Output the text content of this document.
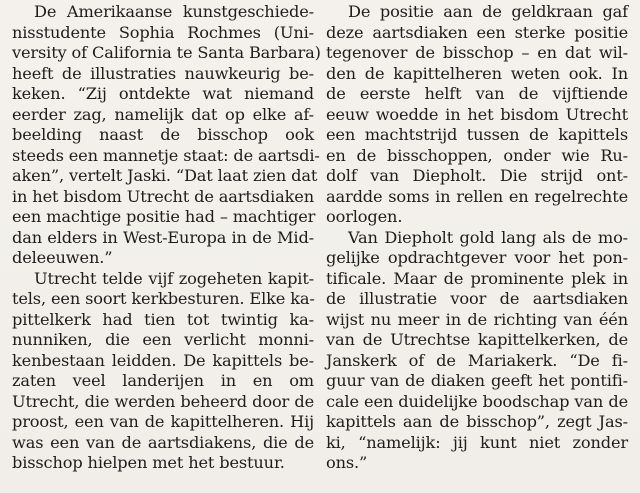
De Amerikaanse kunstgeschiede-
nisstudente Sophia Rochmes (Uni-
versity of California te Santa Barbara)
heeft de illustraties nauwkeurig be-
keken. “Zij ontdekte wat niemand
eerder zag, namelijk dat op elke af-
beelding naast de bisschop ook
steeds een mannetje staat: de aartsdi-
aken”, vertelt Jaski. “Dat laat zien dat
in het bisdom Utrecht de aartsdiaken
een machtige positie had – machtiger
dan elders in West-Europa in de Mid-
deleeuwen.”
Utrecht telde vijf zogeheten kapit-
tels, een soort kerkbesturen. Elke ka-
pittelkerk had tien tot twintig ka-
nunniken, die een verlicht monni-
kenbestaan leidden. De kapittels be-
zaten veel landerijen in en om
Utrecht, die werden beheerd door de
proost, een van de kapittelheren. Hij
was een van de aartsdiakens, die de
bisschop hielpen met het bestuur.
De positie aan de geldkraan gaf
deze aartsdiaken een sterke positie
tegenover de bisschop – en dat wil-
den de kapittelheren weten ook. In
de eerste helft van de vijftiende
eeuw woedde in het bisdom Utrecht
een machtstrijd tussen de kapittels
en de bisschoppen, onder wie Ru-
dolf van Diepholt. Die strijd ont-
aardde soms in rellen en regelrechte
oorlogen.
Van Diepholt gold lang als de mo-
gelijke opdrachtgever voor het pon-
tificale. Maar de prominente plek in
de illustratie voor de aartsdiaken
wijst nu meer in de richting van één
van de Utrechtse kapittelkerken, de
Janskerk of de Mariakerk. “De fi-
guur van de diaken geeft het pontifi-
cale een duidelijke boodschap van de
kapittels aan de bisschop”, zegt Jas-
ki, “namelijk: jij kunt niet zonder
ons.”
